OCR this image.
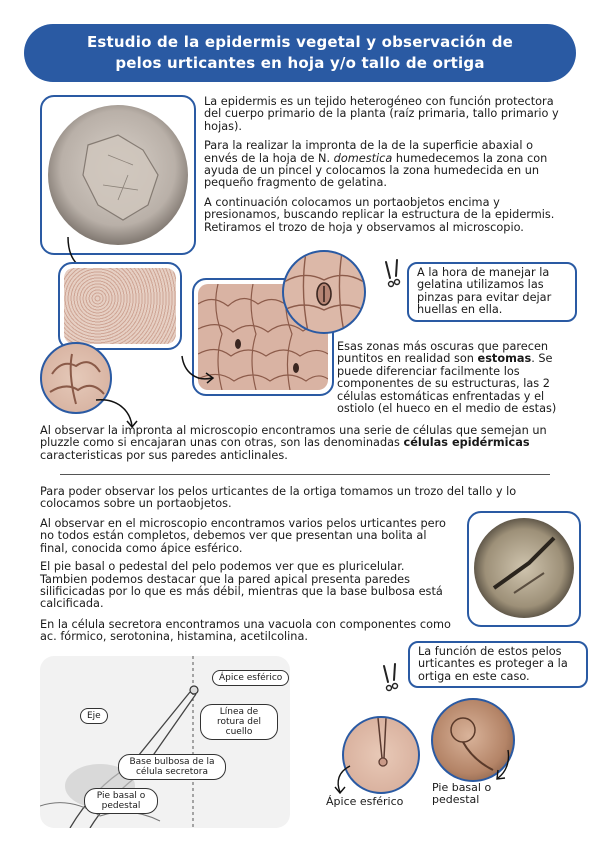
Estudio de la epidermis vegetal y observación de
pelos urticantes en hoja y/o tallo de ortiga

La epidermis es un tejido heterogéneo con función protectora del cuerpo primario de la planta (raíz primaria, tallo primario y hojas).

Para la realizar la impronta de la de la superficie abaxial o envés de la hoja de N. domestica humedecemos la zona con ayuda de un pincel y colocamos la zona humedecida en un pequeño fragmento de gelatina.

A continuación colocamos un portaobjetos encima y presionamos, buscando replicar la estructura de la epidermis. Retiramos el trozo de hoja y observamos al microscopio.

A la hora de manejar la gelatina utilizamos las pinzas para evitar dejar huellas en ella.

Esas zonas más oscuras que parecen puntitos en realidad son estomas. Se puede diferenciar facilmente los componentes de su estructuras, las 2 células estomáticas enfrentadas y el ostiolo (el hueco en el medio de estas)

Al observar la impronta al microscopio encontramos una serie de células que semejan un pluzzle como si encajaran unas con otras, son las denominadas células epidérmicas caracteristicas por sus paredes anticlinales.

Para poder observar los pelos urticantes de la ortiga tomamos un trozo del tallo y lo colocamos sobre un portaobjetos.

Al observar en el microscopio encontramos varios pelos urticantes pero no todos están completos, debemos ver que presentan una bolita al final, conocida como ápice esférico.

El pie basal o pedestal del pelo podemos ver que es pluricelular. Tambien podemos destacar que la pared apical presenta paredes silificicadas por lo que es más débil, mientras que la base bulbosa está calcificada.

En la célula secretora encontramos una vacuola con componentes como ac. fórmico, serotonina, histamina, acetilcolina.

La función de estos pelos urticantes es proteger a la ortiga en este caso.
Ápice esférico
Eje	Línea de rotura del cuello
Base bulbosa de la célula secretora
Pie basal o pedestal	Ápice esférico
Pie basal o pedestal
